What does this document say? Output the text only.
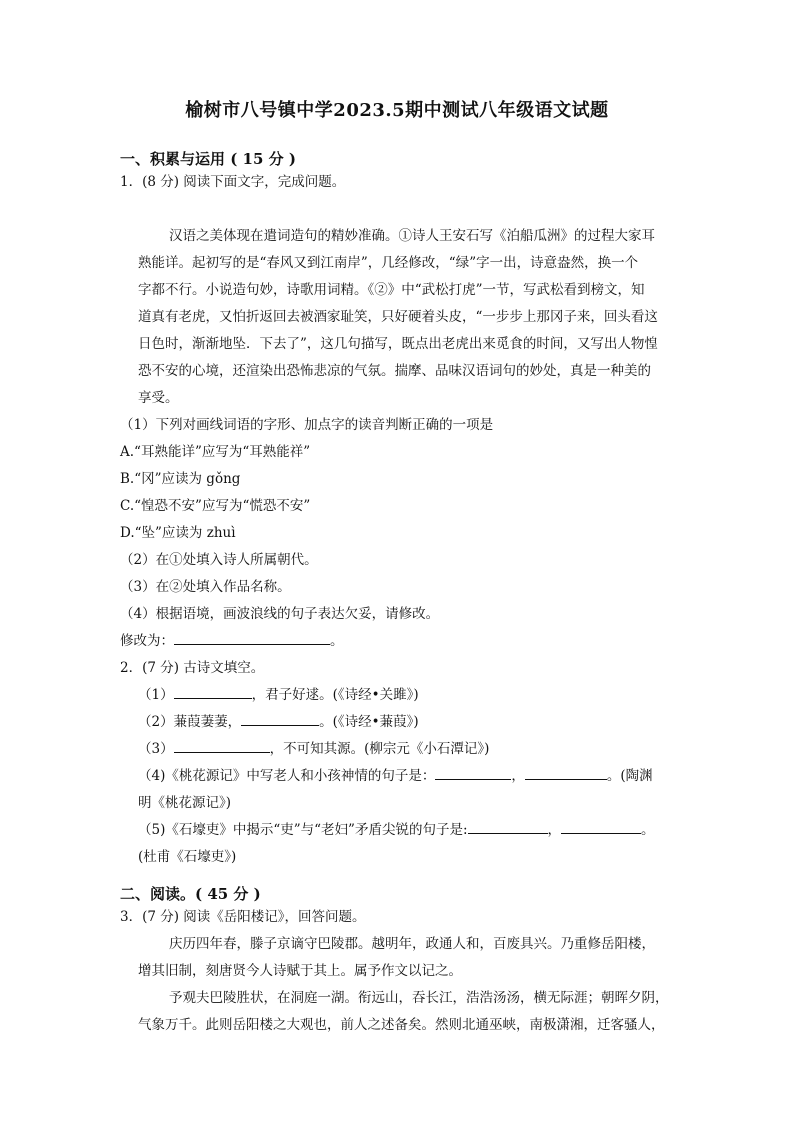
榆树市八号镇中学2023.5期中测试八年级语文试题
一、积累与运用 ( 15 分 )
1．(8 分) 阅读下面文字，完成问题。
汉语之美体现在遣词造句的精妙准确。①诗人王安石写《泊船瓜洲》的过程大家耳
熟能详。起初写的是“春风又到江南岸”，几经修改，“绿”字一出，诗意盎然，换一个
字都不行。小说造句妙，诗歌用词精。《②》中“武松打虎”一节，写武松看到榜文，知
道真有老虎，又怕折返回去被酒家耻笑，只好硬着头皮，“一步步上那冈子来，回头看这
日色时，渐渐地坠．下去了”，这几句描写，既点出老虎出来觅食的时间，又写出人物惶
恐不安的心境，还渲染出恐怖悲凉的气氛。揣摩、品味汉语词句的妙处，真是一种美的
享受。
（1）下列对画线词语的字形、加点字的读音判断正确的一项是
A.“耳熟能详”应写为“耳熟能祥”
B.“冈”应读为 gǒng
C.“惶恐不安”应写为“慌恐不安”
D.“坠”应读为 zhuì
（2）在①处填入诗人所属朝代。
（3）在②处填入作品名称。
（4）根据语境，画波浪线的句子表达欠妥，请修改。
修改为：	。
2．(7 分) 古诗文填空。
（1）	，君子好逑。(《诗经•关雎》)
（2）蒹葭萋萋，	。(《诗经•蒹葭》)
（3）	，不可知其源。(柳宗元《小石潭记》)
（4)《桃花源记》中写老人和小孩神情的句子是：	，	。(陶渊
明《桃花源记》)
（5)《石壕吏》中揭示“吏”与“老妇”矛盾尖锐的句子是:	，	。
(杜甫《石壕吏》)
二、阅读。( 45 分 )
3．(7 分) 阅读《岳阳楼记》，回答问题。
庆历四年春，滕子京谪守巴陵郡。越明年，政通人和，百废具兴。乃重修岳阳楼，
增其旧制，刻唐贤今人诗赋于其上。属予作文以记之。
予观夫巴陵胜状，在洞庭一湖。衔远山，吞长江，浩浩汤汤，横无际涯；朝晖夕阴，
气象万千。此则岳阳楼之大观也，前人之述备矣。然则北通巫峡，南极潇湘，迁客骚人，
